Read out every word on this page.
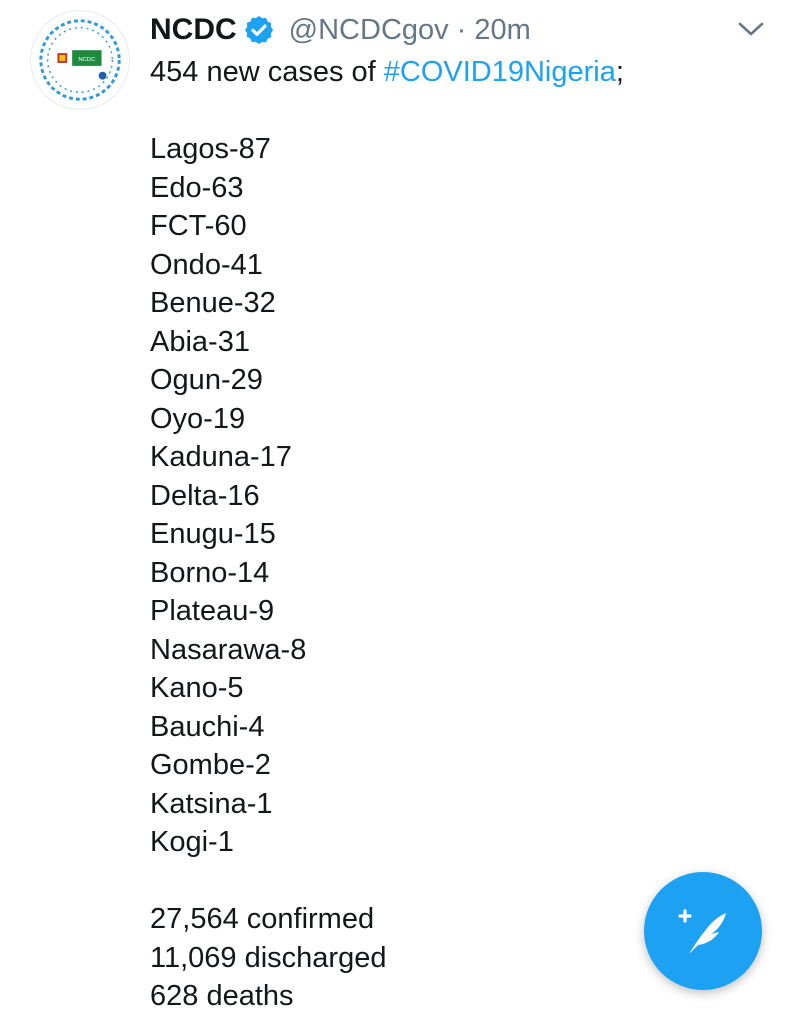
NCDC
NCDC @NCDCgov · 20m
454 new cases of #COVID19Nigeria;
Lagos-87
Edo-63
FCT-60
Ondo-41
Benue-32
Abia-31
Ogun-29
Oyo-19
Kaduna-17
Delta-16
Enugu-15
Borno-14
Plateau-9
Nasarawa-8
Kano-5
Bauchi-4
Gombe-2
Katsina-1
Kogi-1
27,564 confirmed
11,069 discharged
628 deaths
